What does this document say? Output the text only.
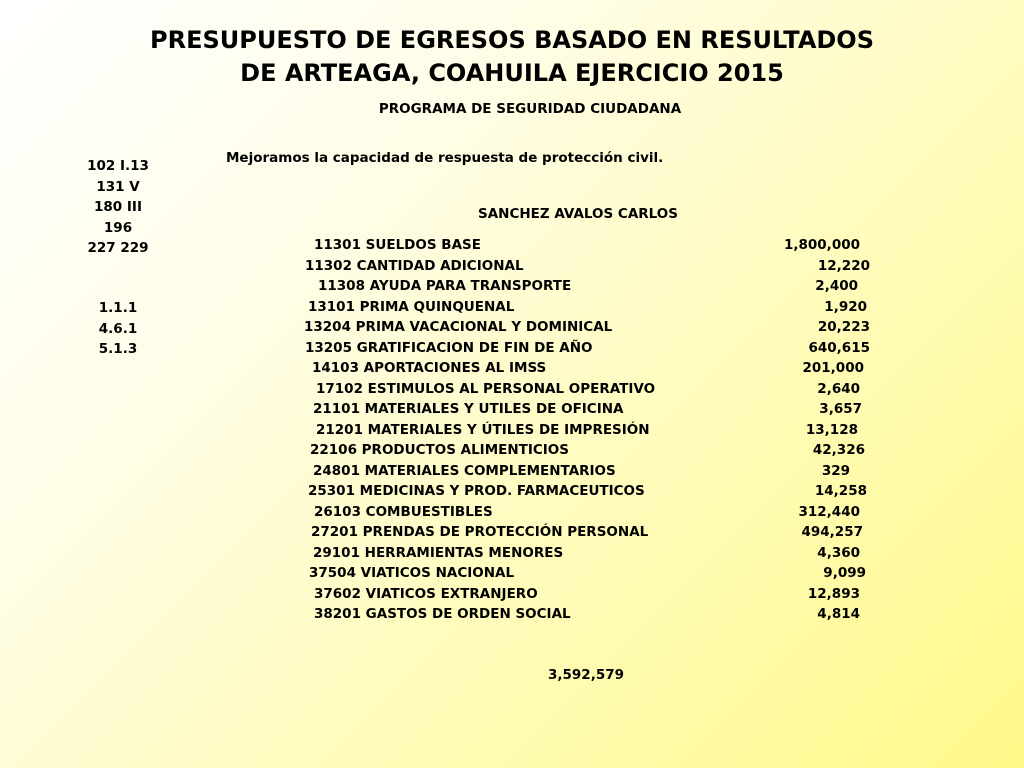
PRESUPUESTO DE EGRESOS BASADO EN RESULTADOS
DE ARTEAGA, COAHUILA EJERCICIO 2015
PROGRAMA DE SEGURIDAD CIUDADANA
Mejoramos la capacidad de respuesta de protección civil.
SANCHEZ AVALOS CARLOS
102 I.13
131 V
180 III
196
227 229
1.1.1
4.6.1
5.1.3
11301 SUELDOS BASE	1,800,000
11302 CANTIDAD ADICIONAL	12,220
11308 AYUDA PARA TRANSPORTE	2,400
13101 PRIMA QUINQUENAL	1,920
13204 PRIMA VACACIONAL Y DOMINICAL	20,223
13205 GRATIFICACION DE FIN DE AÑO	640,615
14103 APORTACIONES AL IMSS	201,000
17102 ESTIMULOS AL PERSONAL OPERATIVO	2,640
21101 MATERIALES Y UTILES DE OFICINA	3,657
21201 MATERIALES Y ÚTILES DE IMPRESIÓN	13,128
22106 PRODUCTOS ALIMENTICIOS	42,326
24801 MATERIALES COMPLEMENTARIOS	329
25301 MEDICINAS Y PROD. FARMACEUTICOS	14,258
26103 COMBUESTIBLES	312,440
27201 PRENDAS DE PROTECCIÓN PERSONAL	494,257
29101 HERRAMIENTAS MENORES	4,360
37504 VIATICOS NACIONAL	9,099
37602 VIATICOS EXTRANJERO	12,893
38201 GASTOS DE ORDEN SOCIAL	4,814
3,592,579
